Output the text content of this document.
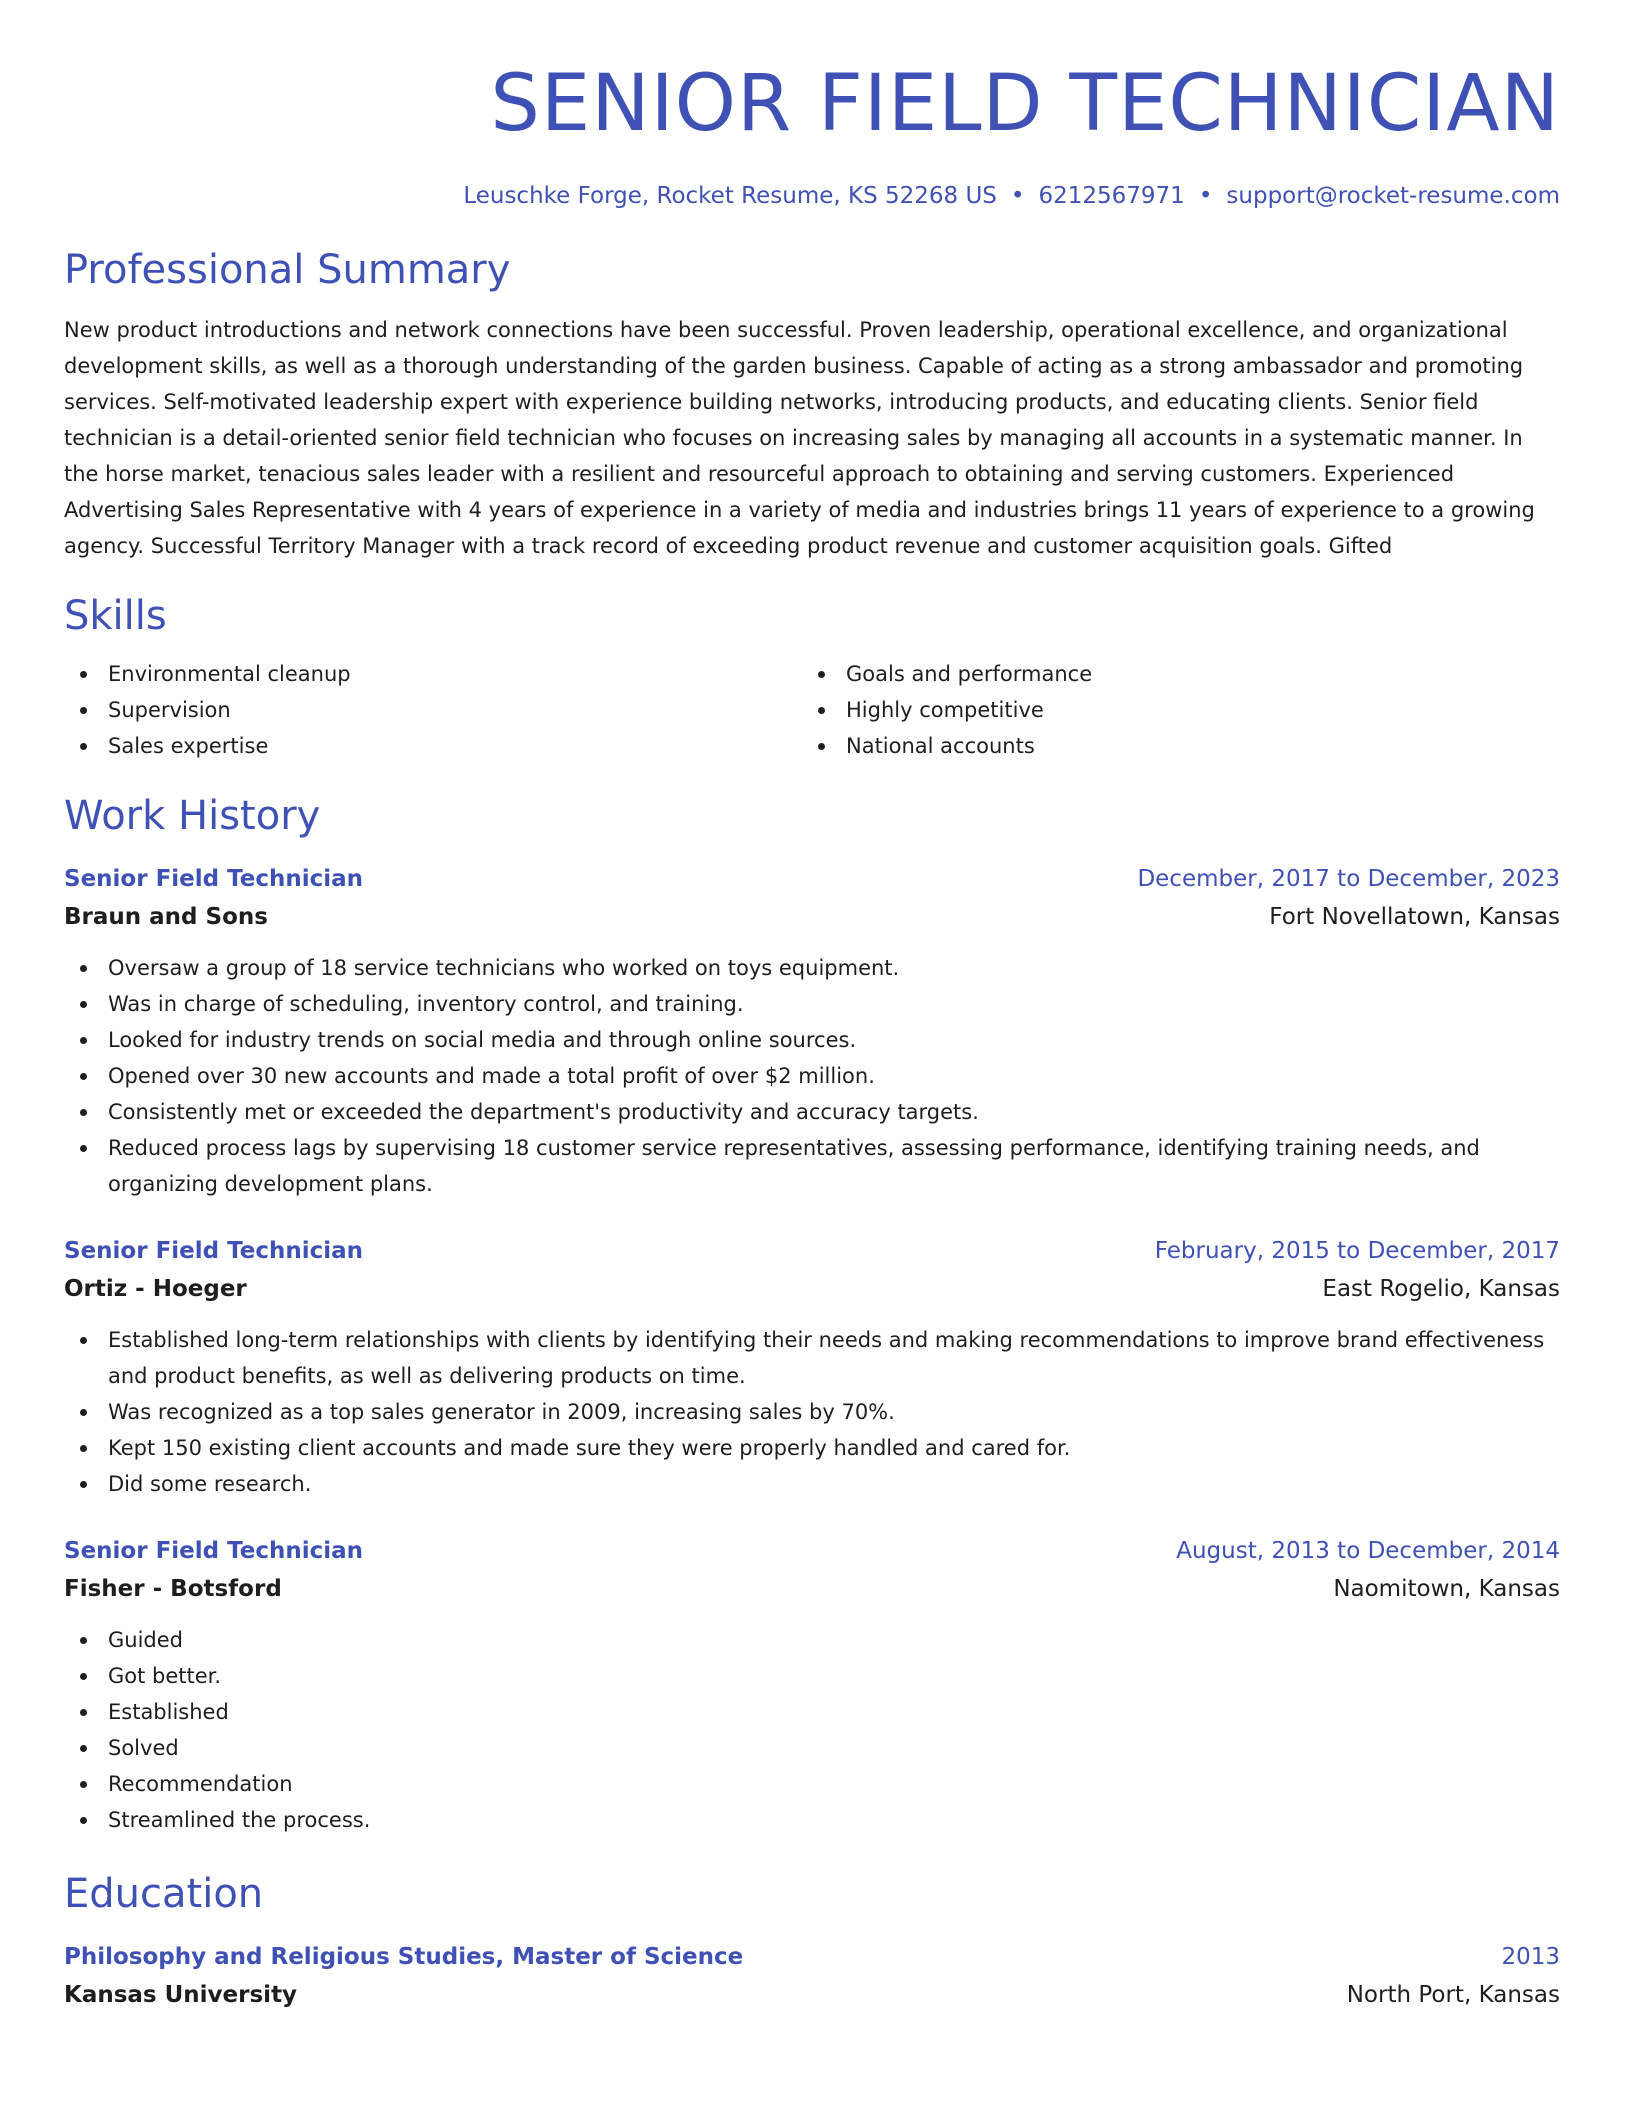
SENIOR FIELD TECHNICIAN
Leuschke Forge, Rocket Resume, KS 52268 US • 6212567971 • support@rocket-resume.com
Professional Summary

New product introductions and network connections have been successful. Proven leadership, operational excellence, and organizational development skills, as well as a thorough understanding of the garden business. Capable of acting as a strong ambassador and promoting services. Self-motivated leadership expert with experience building networks, introducing products, and educating clients. Senior field technician is a detail-oriented senior field technician who focuses on increasing sales by managing all accounts in a systematic manner. In the horse market, tenacious sales leader with a resilient and resourceful approach to obtaining and serving customers. Experienced Advertising Sales Representative with 4 years of experience in a variety of media and industries brings 11 years of experience to a growing agency. Successful Territory Manager with a track record of exceeding product revenue and customer acquisition goals. Gifted

Skills
Environmental cleanup
Supervision
Sales expertise
Goals and performance
Highly competitive
National accounts
Work History
Senior Field Technician	December, 2017 to December, 2023
Braun and Sons	Fort Novellatown, Kansas
Oversaw a group of 18 service technicians who worked on toys equipment.
Was in charge of scheduling, inventory control, and training.
Looked for industry trends on social media and through online sources.
Opened over 30 new accounts and made a total profit of over $2 million.
Consistently met or exceeded the department's productivity and accuracy targets.
Reduced process lags by supervising 18 customer service representatives, assessing performance, identifying training needs, and organizing development plans.
Senior Field Technician	February, 2015 to December, 2017
Ortiz - Hoeger	East Rogelio, Kansas
Established long-term relationships with clients by identifying their needs and making recommendations to improve brand effectiveness and product benefits, as well as delivering products on time.
Was recognized as a top sales generator in 2009, increasing sales by 70%.
Kept 150 existing client accounts and made sure they were properly handled and cared for.
Did some research.
Senior Field Technician	August, 2013 to December, 2014
Fisher - Botsford	Naomitown, Kansas
Guided
Got better.
Established
Solved
Recommendation
Streamlined the process.
Education
Philosophy and Religious Studies, Master of Science	2013
Kansas University	North Port, Kansas
